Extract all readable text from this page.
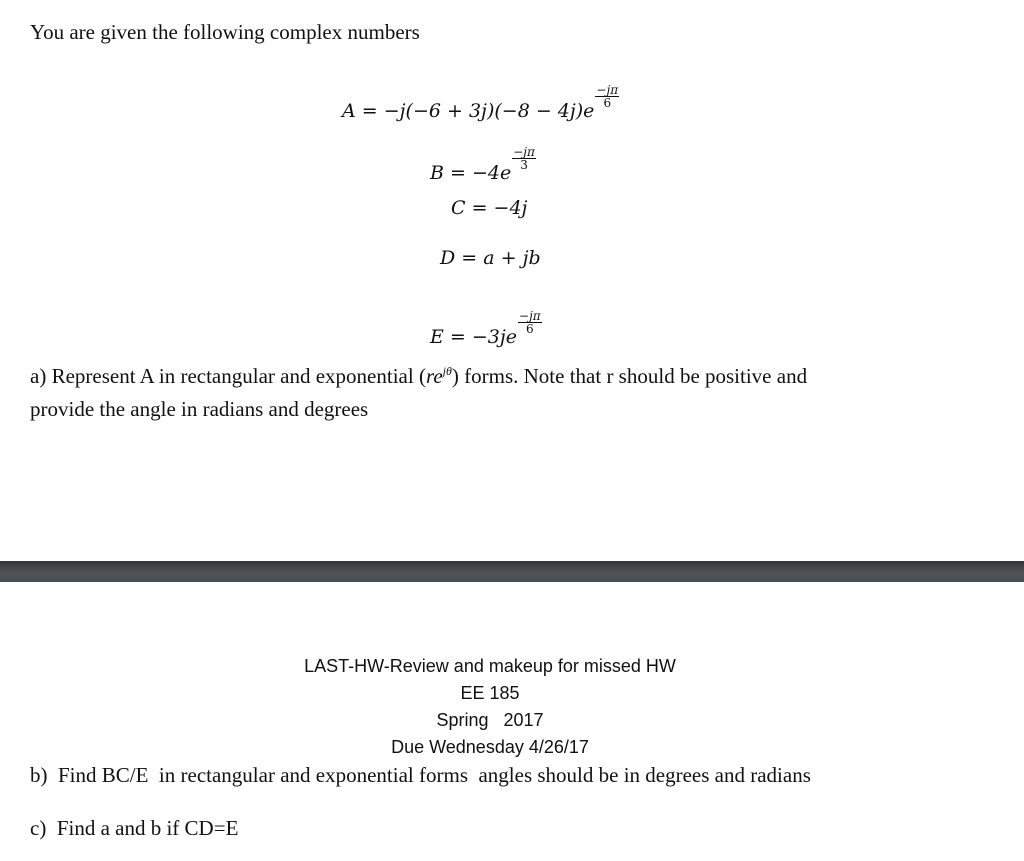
You are given the following complex numbers
A = −j(−6 + 3j)(−8 − 4j)e
$\frac{-j\pi}{6}$
B = −4e
$\frac{-j\pi}{3}$
C = −4j
D = a + jb
E = −3je
$\frac{-j\pi}{6}$
a) Represent A in rectangular and exponential $(re^{j\theta})$ forms. Note that r should be positive and
provide the angle in radians and degrees
LAST-HW-Review and makeup for missed HW
EE 185
Spring   2017
Due Wednesday 4/26/17
b)  Find BC/E  in rectangular and exponential forms  angles should be in degrees and radians
c)  Find a and b if CD=E
